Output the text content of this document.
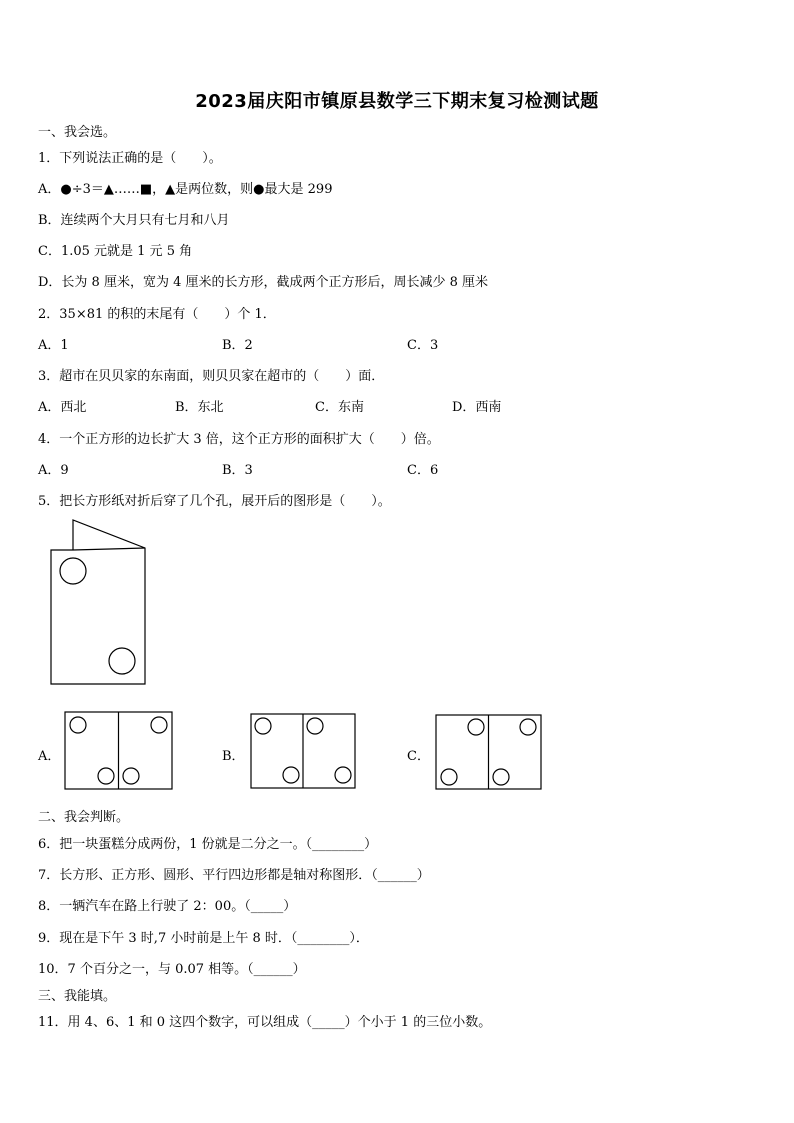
2023届庆阳市镇原县数学三下期末复习检测试题
一、我会选。
1．下列说法正确的是（　　）。
A．●÷3＝▲……■，▲是两位数，则●最大是 299
B．连续两个大月只有七月和八月
C．1.05 元就是 1 元 5 角
D．长为 8 厘米，宽为 4 厘米的长方形，截成两个正方形后，周长减少 8 厘米
2．35×81 的积的末尾有（　　）个 1．
A．1	B．2	C．3
3．超市在贝贝家的东南面，则贝贝家在超市的（　　）面．
A．西北	B．东北	C．东南	D．西南
4．一个正方形的边长扩大 3 倍，这个正方形的面积扩大（　　）倍。
A．9	B．3	C．6
5．把长方形纸对折后穿了几个孔，展开后的图形是（　　）。
A．	B．	C．
二、我会判断。
6．把一块蛋糕分成两份，1 份就是二分之一。（________）
7．长方形、正方形、圆形、平行四边形都是轴对称图形．（______）
8．一辆汽车在路上行驶了 2：00。（_____）
9．现在是下午 3 时,7 小时前是上午 8 时．（________）．
10．7 个百分之一，与 0.07 相等。（______）
三、我能填。
11．用 4、6、1 和 0 这四个数字，可以组成（_____）个小于 1 的三位小数。
